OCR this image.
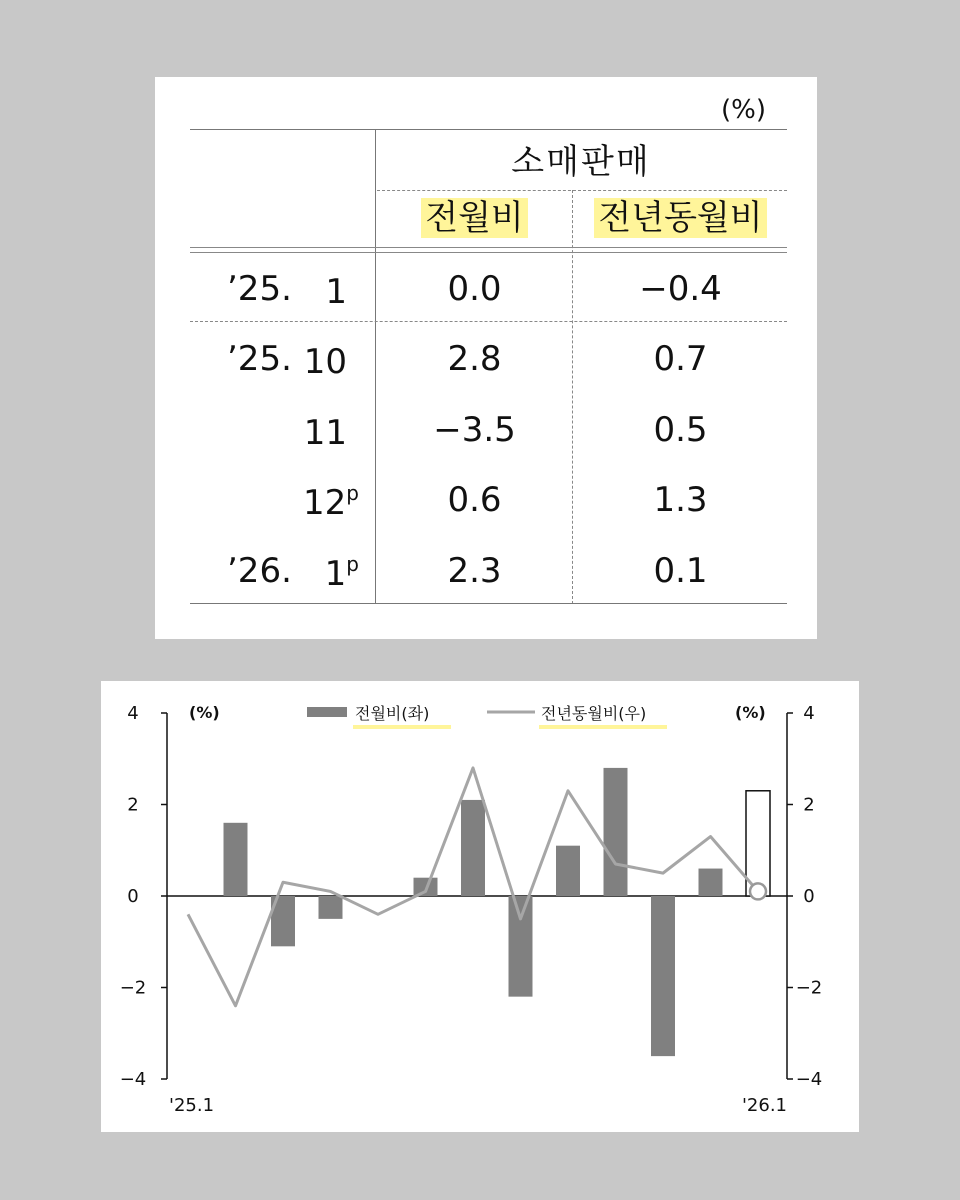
(%)
소매판매
전월비	전년동월비
’25. 1	0.0	−0.4
’25. 10	2.8	0.7
11	−3.5	0.5
12$^p$	0.6	1.3
’26. 1$^p$	2.3	0.1
4	4
2	2
0	0
−2	−2
−4	−4
(%)	(%)
전월비(좌)	전년동월비(우)
'25.1	'26.1
